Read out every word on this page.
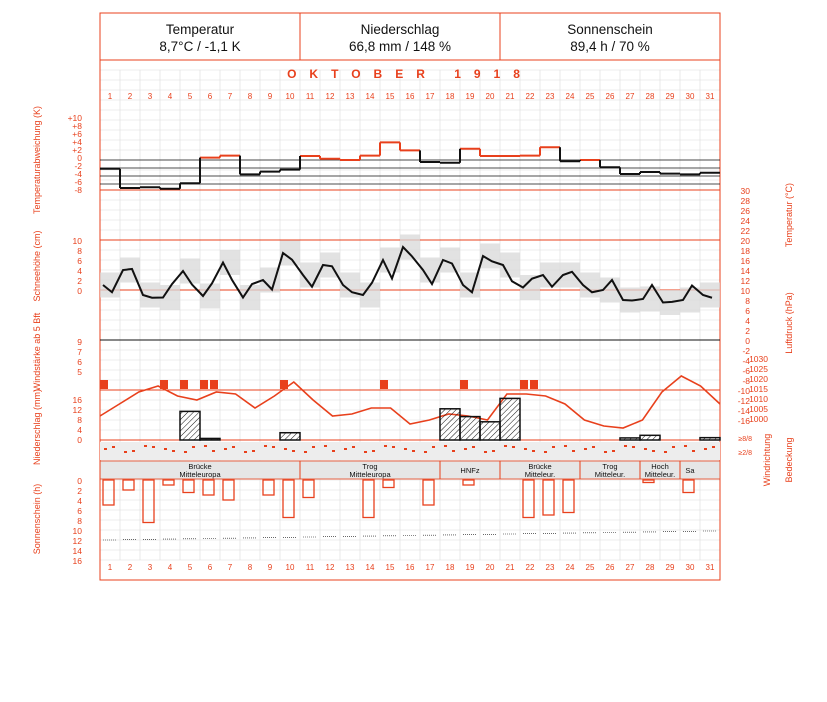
1
1
2
2
3
3
4
4
5
5
6
6
7
7
8
8
9
9
10
10
11
11
12
12
13
13
14
14
15
15
16
16
17
17
18
18
19
19
20
20
21
21
22
22
23
23
24
24
25
25
26
26
27
27
28
28
29
29
30
30
31
31
Temperaturabweichung (K)
Schneehöhe (cm)
Windstärke ab 5 Bft
Niederschlag (mm)
Sonnenschein (h)
Temperatur (°C)
Luftdruck (hPa)
Windrichtung Bedeckung
+10
+8
+6
+4
+2
0
-2
-4
-6
-8
10
8
6
4
2
0
9
7
6
5
16
12
8
4
0
0
2
4
6
8
10
12
14
16
30
28
26
24
22
20
18
16
14
12
10
8
6
4
2
0
-2
-4
-6
-8
-10
-12
-14
-16
1030
1025
1020
1015
1010
1005
1000
≥8/8
≥2/8
Brücke
Mitteleuropa
Trog
Mitteleuropa	HNFz	Brücke
Mitteleur.
Trog
Mitteleur.
Hoch
Mitteleur. Sa
Temperatur
8,7°C / -1,1 K
Niederschlag
66,8 mm / 148 %
Sonnenschein
89,4 h / 70 %
OKTOBER 1918
